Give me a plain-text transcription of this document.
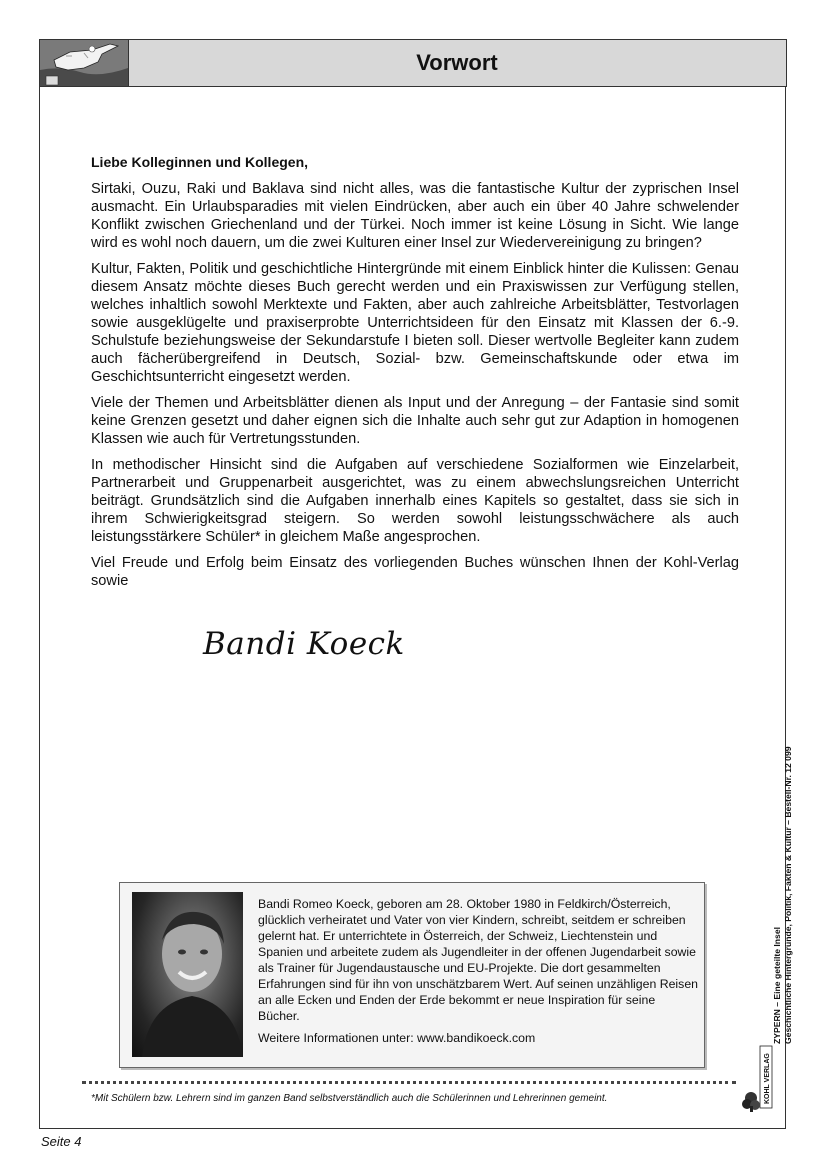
Vorwort

Liebe Kolleginnen und Kollegen,

Sirtaki, Ouzu, Raki und Baklava sind nicht alles, was die fantastische Kultur der zyprischen Insel ausmacht. Ein Urlaubsparadies mit vielen Eindrücken, aber auch ein über 40 Jahre schwelender Konflikt zwischen Griechenland und der Türkei. Noch immer ist keine Lösung in Sicht. Wie lange wird es wohl noch dauern, um die zwei Kulturen einer Insel zur Wiedervereinigung zu bringen?

Kultur, Fakten, Politik und geschichtliche Hintergründe mit einem Einblick hinter die Kulissen: Genau diesem Ansatz möchte dieses Buch gerecht werden und ein Praxiswissen zur Verfügung stellen, welches inhaltlich sowohl Merktexte und Fakten, aber auch zahlreiche Arbeitsblätter, Testvorlagen sowie ausgeklügelte und praxiserprobte Unterrichtsideen für den Einsatz mit Klassen der 6.-9. Schulstufe beziehungsweise der Sekundarstufe I bieten soll. Dieser wertvolle Begleiter kann zudem auch fächerübergreifend in Deutsch, Sozial- bzw. Gemeinschaftskunde oder etwa im Geschichtsunterricht eingesetzt werden.

Viele der Themen und Arbeitsblätter dienen als Input und der Anregung – der Fantasie sind somit keine Grenzen gesetzt und daher eignen sich die Inhalte auch sehr gut zur Adaption in homogenen Klassen wie auch für Vertretungsstunden.

In methodischer Hinsicht sind die Aufgaben auf verschiedene Sozialformen wie Einzelarbeit, Partnerarbeit und Gruppenarbeit ausgerichtet, was zu einem abwechslungsreichen Unterricht beiträgt. Grundsätzlich sind die Aufgaben innerhalb eines Kapitels so gestaltet, dass sie sich in ihrem Schwierigkeitsgrad steigern. So werden sowohl leistungsschwächere als auch leistungsstärkere Schüler* in gleichem Maße angesprochen.

Viel Freude und Erfolg beim Einsatz des vorliegenden Buches wünschen Ihnen der Kohl-Verlag sowie

Bandi Koeck

Bandi Romeo Koeck, geboren am 28. Oktober 1980 in Feldkirch/Österreich, glücklich verheiratet und Vater von vier Kindern, schreibt, seitdem er schreiben gelernt hat. Er unterrichtete in Österreich, der Schweiz, Liechtenstein und Spanien und arbeitete zudem als Jugendleiter in der offenen Jugendarbeit sowie als Trainer für Jugendaustausche und EU-Projekte. Die dort gesammelten Erfahrungen sind für ihn von unschätzbarem Wert. Auf seinen unzähligen Reisen an alle Ecken und Enden der Erde bekommt er neue Inspiration für seine Bücher.

Weitere Informationen unter: www.bandikoeck.com

*Mit Schülern bzw. Lehrern sind im ganzen Band selbstverständlich auch die Schülerinnen und Lehrerinnen gemeint.
ZYPERN – Eine geteilte Insel Geschichtliche Hintergründe, Politik, Fakten & Kultur – Bestell-Nr. 12 099
KOHL VERLAG
Seite 4
